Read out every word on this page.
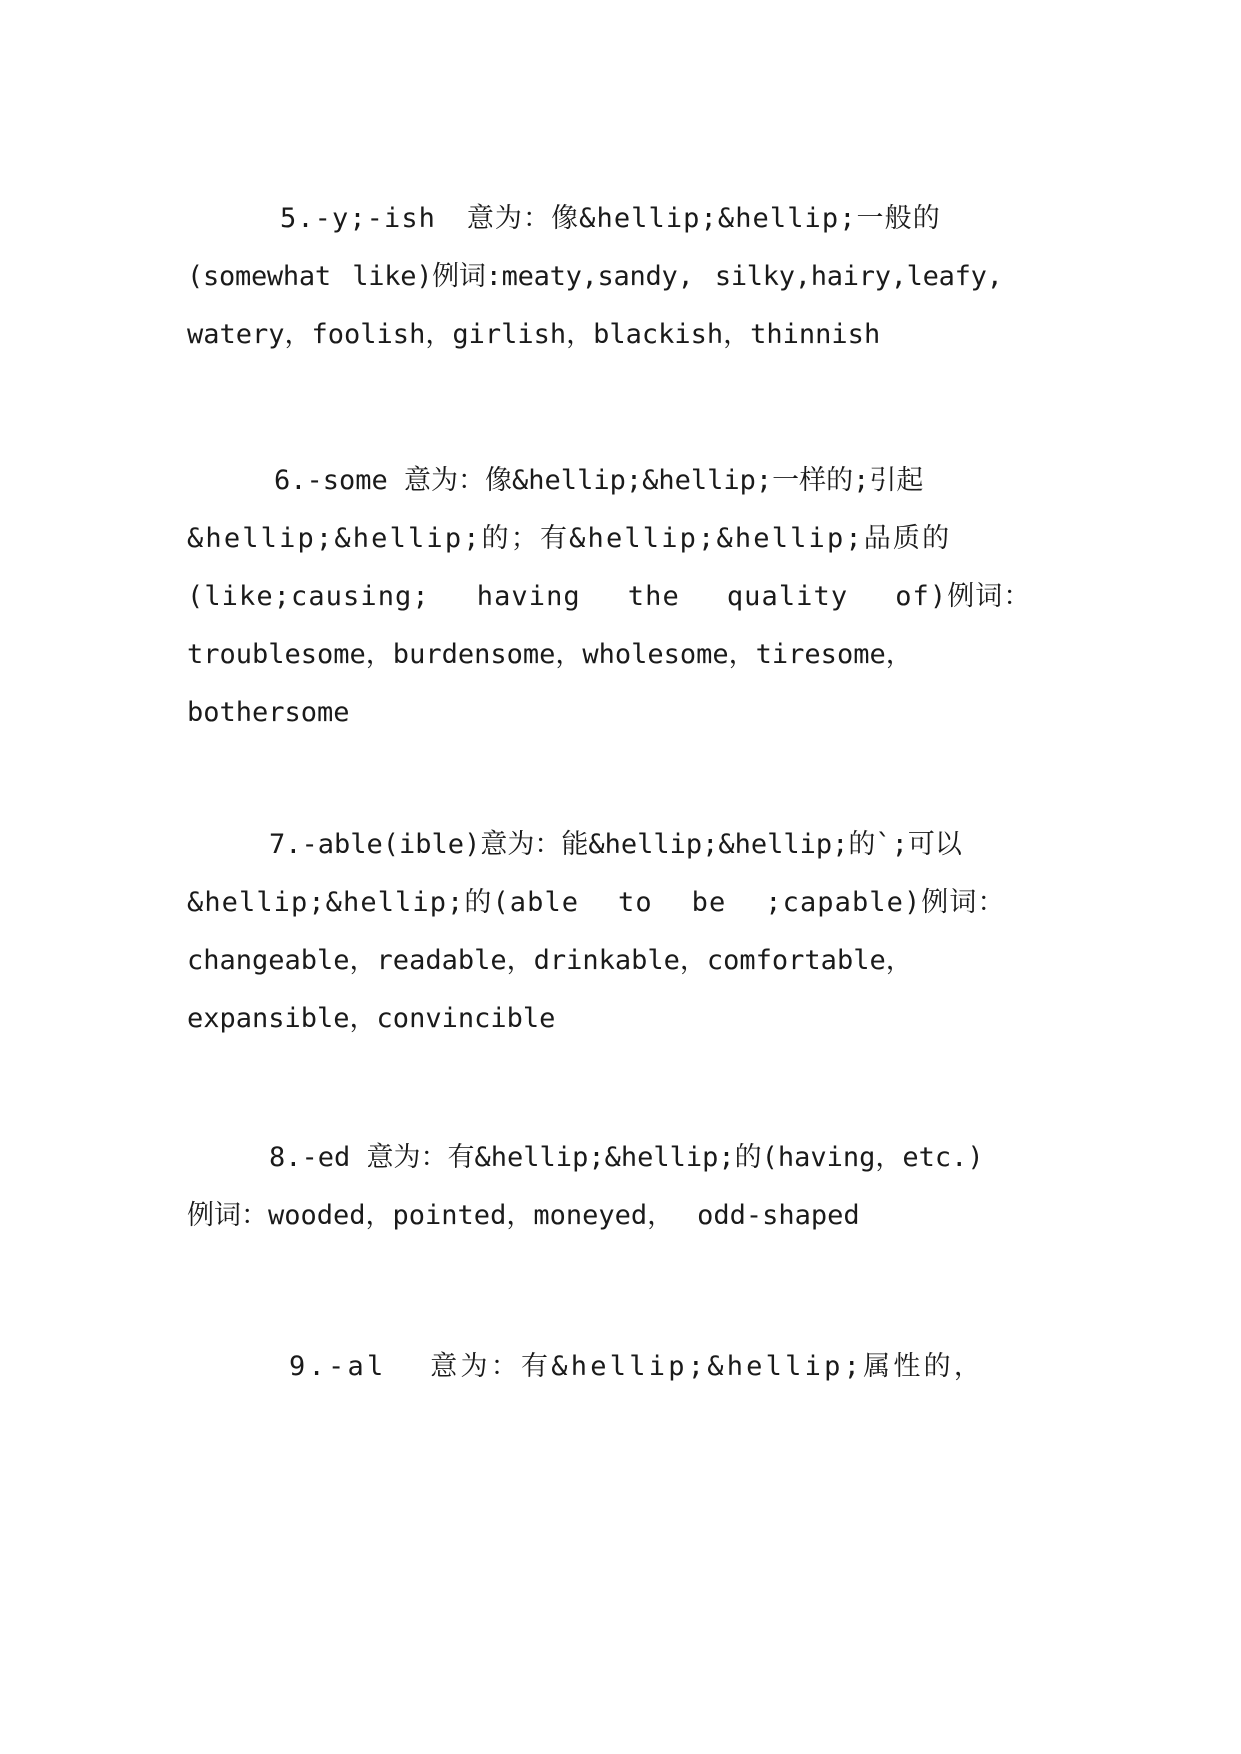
5.-y;-ish 意为：像&hellip;&hellip;一般的
(somewhat like)例词:meaty,sandy, silky,hairy,leafy,
watery，foolish，girlish，blackish，thinnish
6.-some 意为：像&hellip;&hellip;一样的;引起
&hellip;&hellip;的；有&hellip;&hellip;品质的
(like;causing; having the quality of)例词：
troublesome，burdensome，wholesome，tiresome，
bothersome
7.-able(ible)意为：能&hellip;&hellip;的`;可以
&hellip;&hellip;的(able to be ;capable)例词：
changeable，readable，drinkable，comfortable，
expansible，convincible
8.-ed 意为：有&hellip;&hellip;的(having，etc.)
例词：wooded，pointed，moneyed， odd-shaped
9.-al 意为：有&hellip;&hellip;属性的，
